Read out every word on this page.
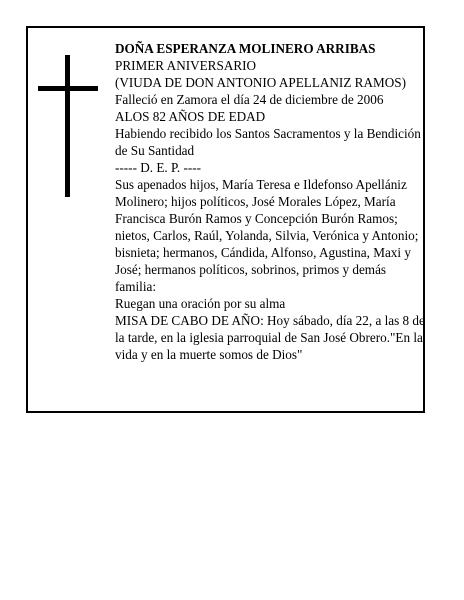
DOÑA ESPERANZA MOLINERO ARRIBAS

PRIMER ANIVERSARIO

(VIUDA DE DON ANTONIO APELLANIZ RAMOS)

Falleció en Zamora el día 24 de diciembre de 2006

ALOS 82 AÑOS DE EDAD

Habiendo recibido los Santos Sacramentos y la Bendición de Su Santidad

----- D. E. P. ----

Sus apenados hijos, María Teresa e Ildefonso Apellániz Molinero; hijos políticos, José Morales López, María Francisca Burón Ramos y Concepción Burón Ramos; nietos, Carlos, Raúl, Yolanda, Silvia, Verónica y Antonio; bisnieta; hermanos, Cándida, Alfonso, Agustina, Maxi y José; hermanos políticos, sobrinos, primos y demás familia:

Ruegan una oración por su alma

MISA DE CABO DE AÑO: Hoy sábado, día 22, a las 8 de la tarde, en la iglesia parroquial de San José Obrero."En la vida y en la muerte somos de Dios"
